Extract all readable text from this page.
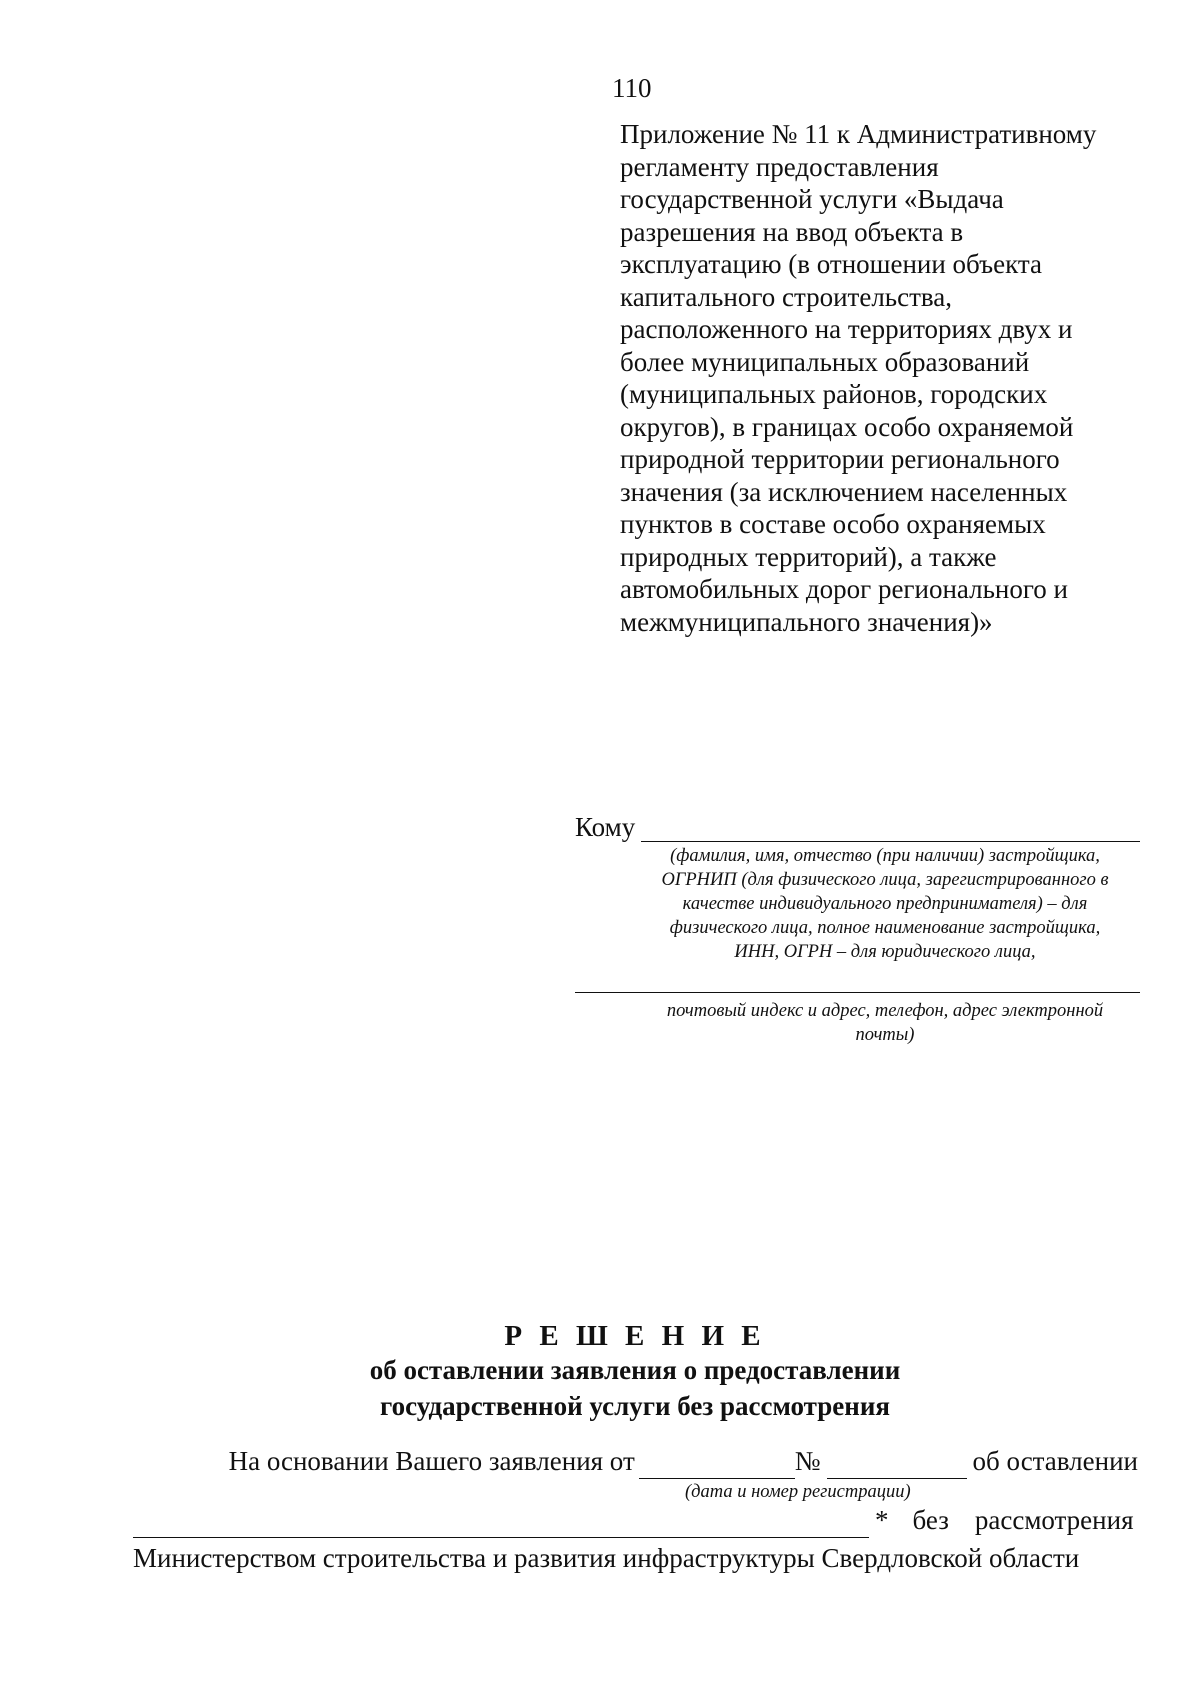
110
Приложение № 11 к Административному
регламенту предоставления
государственной услуги «Выдача
разрешения на ввод объекта в
эксплуатацию (в отношении объекта
капитального строительства,
расположенного на территориях двух и
более муниципальных образований
(муниципальных районов, городских
округов), в границах особо охраняемой
природной территории регионального
значения (за исключением населенных
пунктов в составе особо охраняемых
природных территорий), а также
автомобильных дорог регионального и
межмуниципального значения)»
Кому
(фамилия, имя, отчество (при наличии) застройщика,
ОГРНИП (для физического лица, зарегистрированного в
качестве индивидуального предпринимателя) – для
физического лица, полное наименование застройщика,
ИНН, ОГРН – для юридического лица,
почтовый индекс и адрес, телефон, адрес электронной
почты)
Р Е Ш Е Н И Е
об оставлении заявления о предоставлении
государственной услуги без рассмотрения
На основании Вашего заявления от	№	об оставлении
(дата и номер регистрации)
* без рассмотрения
Министерством строительства и развития инфраструктуры Свердловской области
